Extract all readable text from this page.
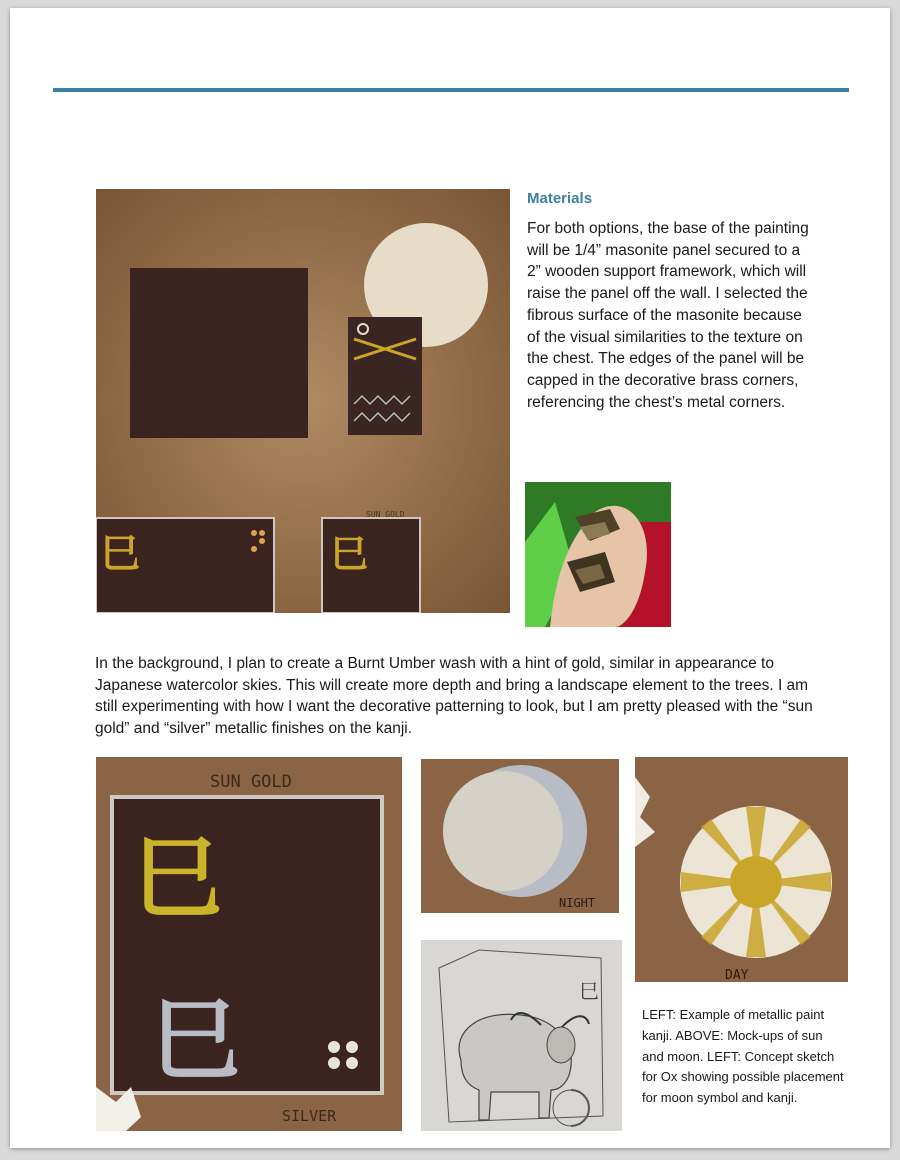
巳	巳
SUN GOLD
巳
巳
SUN GOLD
SILVER
NIGHT
DAY
巳
Materials
For both options, the base of the painting will be 1/4” masonite panel secured to a 2” wooden support framework, which will raise the panel off the wall. I selected the fibrous surface of the masonite because of the visual similarities to the texture on the chest. The edges of the panel will be capped in the decorative brass corners, referencing the chest’s metal corners.
In the background, I plan to create a Burnt Umber wash with a hint of gold, similar in appearance to Japanese watercolor skies. This will create more depth and bring a landscape element to the trees. I am still experimenting with how I want the decorative patterning to look, but I am pretty pleased with the “sun gold” and “silver” metallic finishes on the kanji.
LEFT: Example of metallic paint kanji. ABOVE: Mock-ups of sun and moon. LEFT: Concept sketch for Ox showing possible placement for moon symbol and kanji.
